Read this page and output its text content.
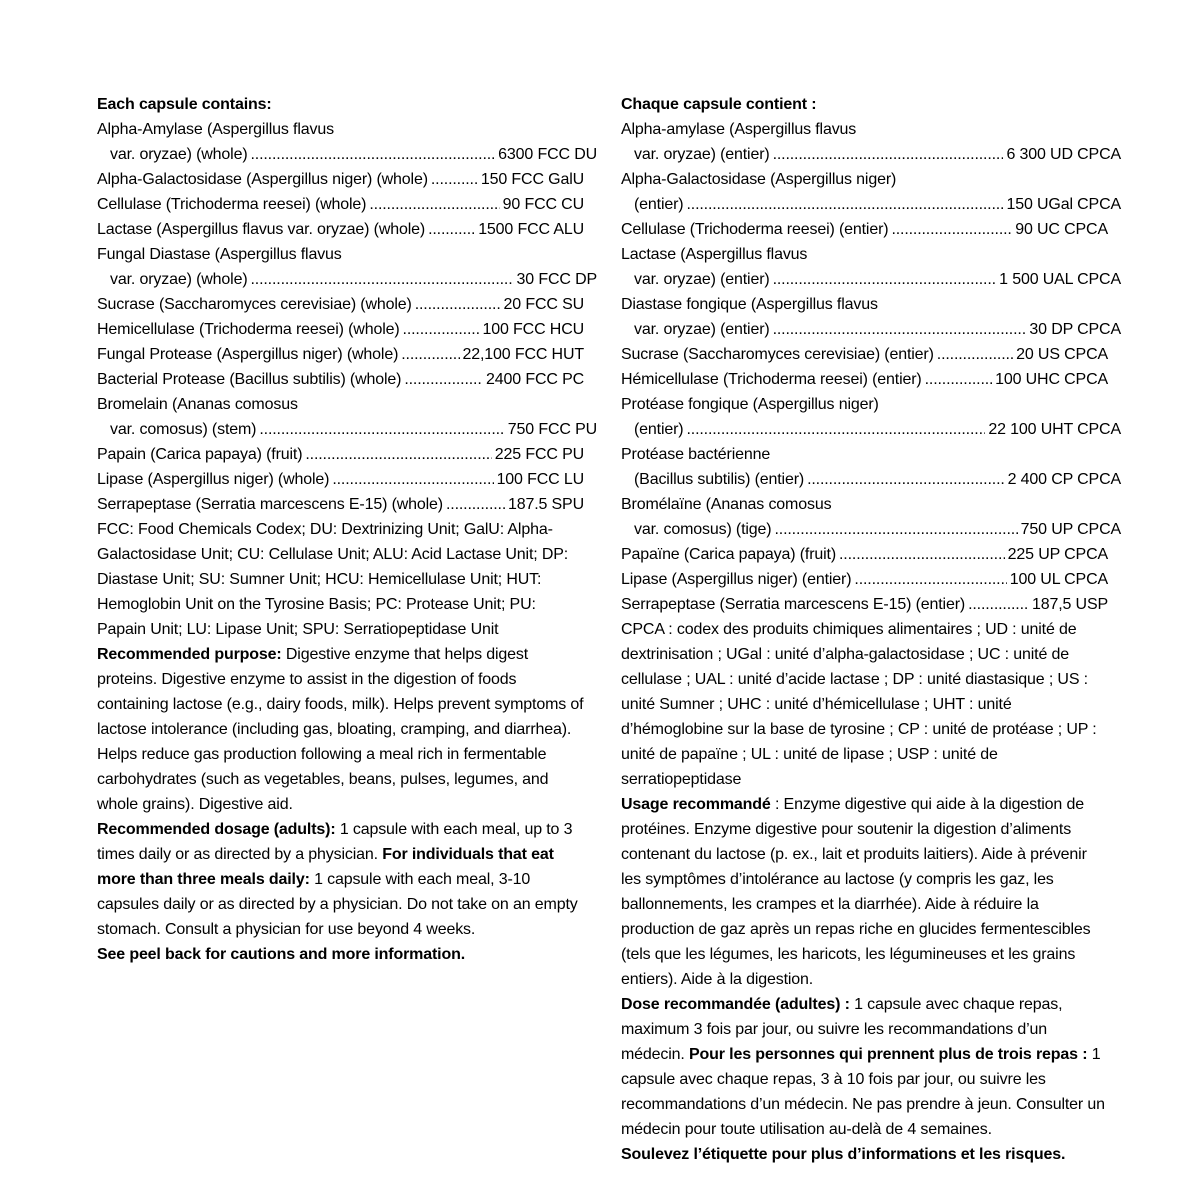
Each capsule contains:
Alpha-Amylase (Aspergillus flavus
var. oryzae) (whole) .....	6300 FCC DU
Alpha-Galactosidase (Aspergillus niger) (whole) .....	150 FCC GalU
Cellulase (Trichoderma reesei) (whole) .....	90 FCC CU
Lactase (Aspergillus flavus var. oryzae) (whole) .....	1500 FCC ALU
Fungal Diastase (Aspergillus flavus
var. oryzae) (whole) .....	30 FCC DP
Sucrase (Saccharomyces cerevisiae) (whole) .....	20 FCC SU
Hemicellulase (Trichoderma reesei) (whole) .....	100 FCC HCU
Fungal Protease (Aspergillus niger) (whole) .....	22,100 FCC HUT
Bacterial Protease (Bacillus subtilis) (whole) .....	2400 FCC PC
Bromelain (Ananas comosus
var. comosus) (stem) .....	750 FCC PU
Papain (Carica papaya) (fruit) .....	225 FCC PU
Lipase (Aspergillus niger) (whole) .....	100 FCC LU
Serrapeptase (Serratia marcescens E-15) (whole) .....	187.5 SPU
FCC: Food Chemicals Codex; DU: Dextrinizing Unit; GalU: Alpha-Galactosidase Unit; CU: Cellulase Unit; ALU: Acid Lactase Unit; DP: Diastase Unit; SU: Sumner Unit; HCU: Hemicellulase Unit; HUT: Hemoglobin Unit on the Tyrosine Basis; PC: Protease Unit; PU: Papain Unit; LU: Lipase Unit; SPU: Serratiopeptidase Unit
Recommended purpose: Digestive enzyme that helps digest proteins. Digestive enzyme to assist in the digestion of foods containing lactose (e.g., dairy foods, milk). Helps prevent symptoms of lactose intolerance (including gas, bloating, cramping, and diarrhea). Helps reduce gas production following a meal rich in fermentable carbohydrates (such as vegetables, beans, pulses, legumes, and whole grains). Digestive aid.
Recommended dosage (adults): 1 capsule with each meal, up to 3 times daily or as directed by a physician. For individuals that eat more than three meals daily: 1 capsule with each meal, 3-10 capsules daily or as directed by a physician. Do not take on an empty stomach. Consult a physician for use beyond 4 weeks.
See peel back for cautions and more information.
Chaque capsule contient :
Alpha-amylase (Aspergillus flavus
var. oryzae) (entier) .....	6 300 UD CPCA
Alpha-Galactosidase (Aspergillus niger)
(entier) .....	150 UGal CPCA
Cellulase (Trichoderma reesei) (entier) .....	90 UC CPCA
Lactase (Aspergillus flavus
var. oryzae) (entier) .....	1 500 UAL CPCA
Diastase fongique (Aspergillus flavus
var. oryzae) (entier) .....	30 DP CPCA
Sucrase (Saccharomyces cerevisiae) (entier) .....	20 US CPCA
Hémicellulase (Trichoderma reesei) (entier) .....	100 UHC CPCA
Protéase fongique (Aspergillus niger)
(entier) .....	22 100 UHT CPCA
Protéase bactérienne
(Bacillus subtilis) (entier) .....	2 400 CP CPCA
Bromélaïne (Ananas comosus
var. comosus) (tige) .....	750 UP CPCA
Papaïne (Carica papaya) (fruit) .....	225 UP CPCA
Lipase (Aspergillus niger) (entier) .....	100 UL CPCA
Serrapeptase (Serratia marcescens E-15) (entier) .....	187,5 USP
CPCA : codex des produits chimiques alimentaires ; UD : unité de dextrinisation ; UGal : unité d’alpha-galactosidase ; UC : unité de cellulase ; UAL : unité d’acide lactase ; DP : unité diastasique ; US : unité Sumner ; UHC : unité d’hémicellulase ; UHT : unité d’hémoglobine sur la base de tyrosine ; CP : unité de protéase ; UP : unité de papaïne ; UL : unité de lipase ; USP : unité de serratiopeptidase
Usage recommandé : Enzyme digestive qui aide à la digestion de protéines. Enzyme digestive pour soutenir la digestion d’aliments contenant du lactose (p. ex., lait et produits laitiers). Aide à prévenir les symptômes d’intolérance au lactose (y compris les gaz, les ballonnements, les crampes et la diarrhée). Aide à réduire la production de gaz après un repas riche en glucides fermentescibles (tels que les légumes, les haricots, les légumineuses et les grains entiers). Aide à la digestion.
Dose recommandée (adultes) : 1 capsule avec chaque repas, maximum 3 fois par jour, ou suivre les recommandations d’un médecin. Pour les personnes qui prennent plus de trois repas : 1 capsule avec chaque repas, 3 à 10 fois par jour, ou suivre les recommandations d’un médecin. Ne pas prendre à jeun. Consulter un médecin pour toute utilisation au-delà de 4 semaines.
Soulevez l’étiquette pour plus d’informations et les risques.
